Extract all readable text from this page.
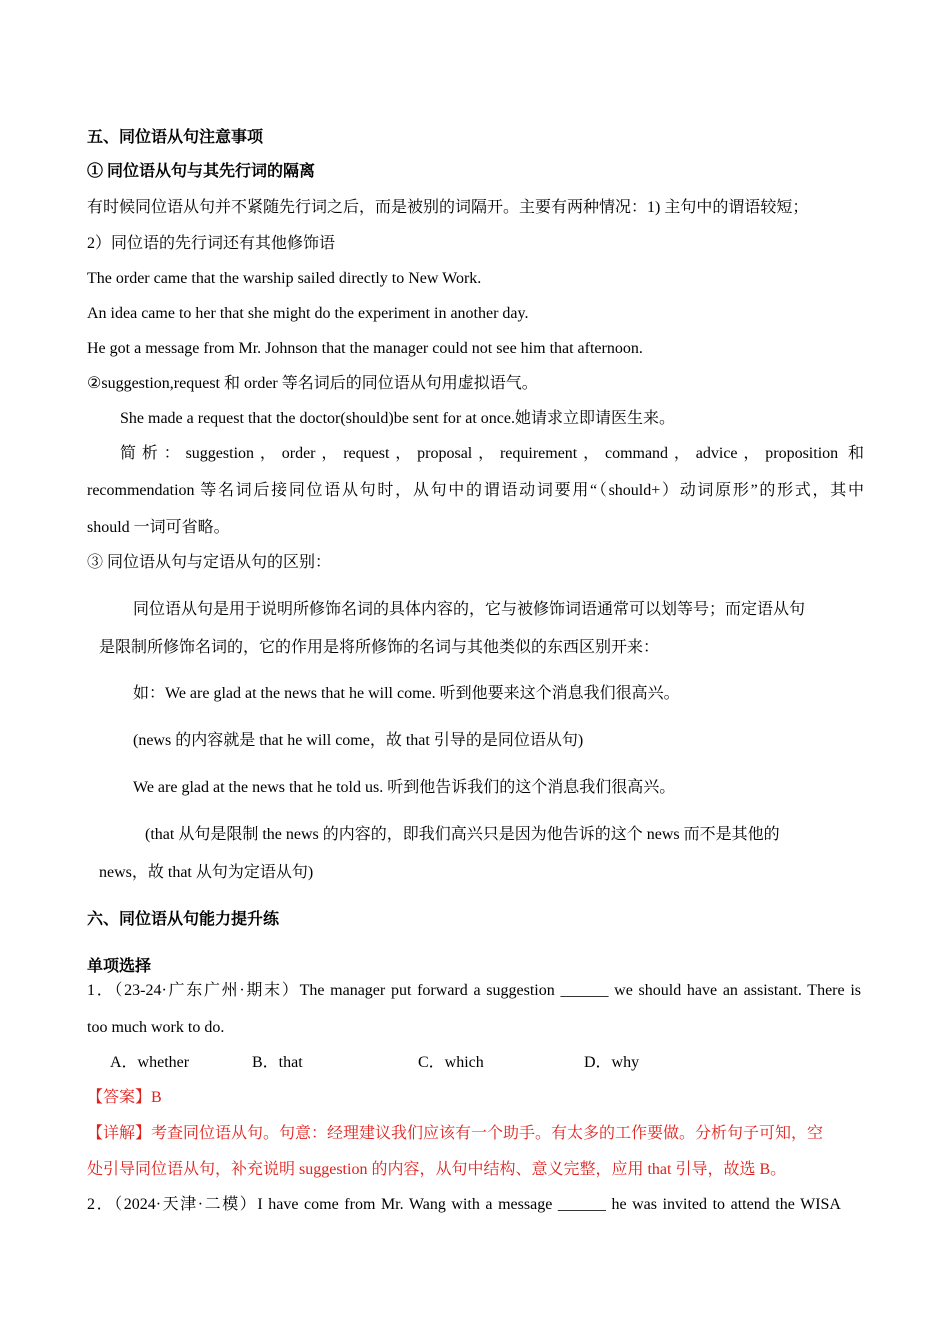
五、同位语从句注意事项
① 同位语从句与其先行词的隔离
有时候同位语从句并不紧随先行词之后，而是被别的词隔开。主要有两种情况：1) 主句中的谓语较短；
2）同位语的先行词还有其他修饰语
The order came that the warship sailed directly to New Work.
An idea came to her that she might do the experiment in another day.
He got a message from Mr. Johnson that the manager could not see him that afternoon.
②suggestion,request 和 order 等名词后的同位语从句用虚拟语气。
She made a request that the doctor(should)be sent for at once.她请求立即请医生来。
简析：suggestion，order，request，proposal，requirement，command，advice，proposition 和
recommendation 等名词后接同位语从句时，从句中的谓语动词要用“（should+）动词原形”的形式，其中
should 一词可省略。
③ 同位语从句与定语从句的区别：
同位语从句是用于说明所修饰名词的具体内容的，它与被修饰词语通常可以划等号；而定语从句
是限制所修饰名词的，它的作用是将所修饰的名词与其他类似的东西区别开来：
如：We are glad at the news that he will come. 听到他要来这个消息我们很高兴。
(news 的内容就是 that he will come，故 that 引导的是同位语从句)
We are glad at the news that he told us. 听到他告诉我们的这个消息我们很高兴。
(that 从句是限制 the news 的内容的，即我们高兴只是因为他告诉的这个 news 而不是其他的
news，故 that 从句为定语从句)
六、同位语从句能力提升练
单项选择
1．（23-24·广东广州·期末）The manager put forward a suggestion ______ we should have an assistant. There is
too much work to do.
A．whether	B．that	C．which	D．why
【答案】B
【详解】考查同位语从句。句意：经理建议我们应该有一个助手。有太多的工作要做。分析句子可知，空
处引导同位语从句，补充说明 suggestion 的内容，从句中结构、意义完整，应用 that 引导，故选 B。
2．（2024·天津·二模）I have come from Mr. Wang with a message ______ he was invited to attend the WISA
